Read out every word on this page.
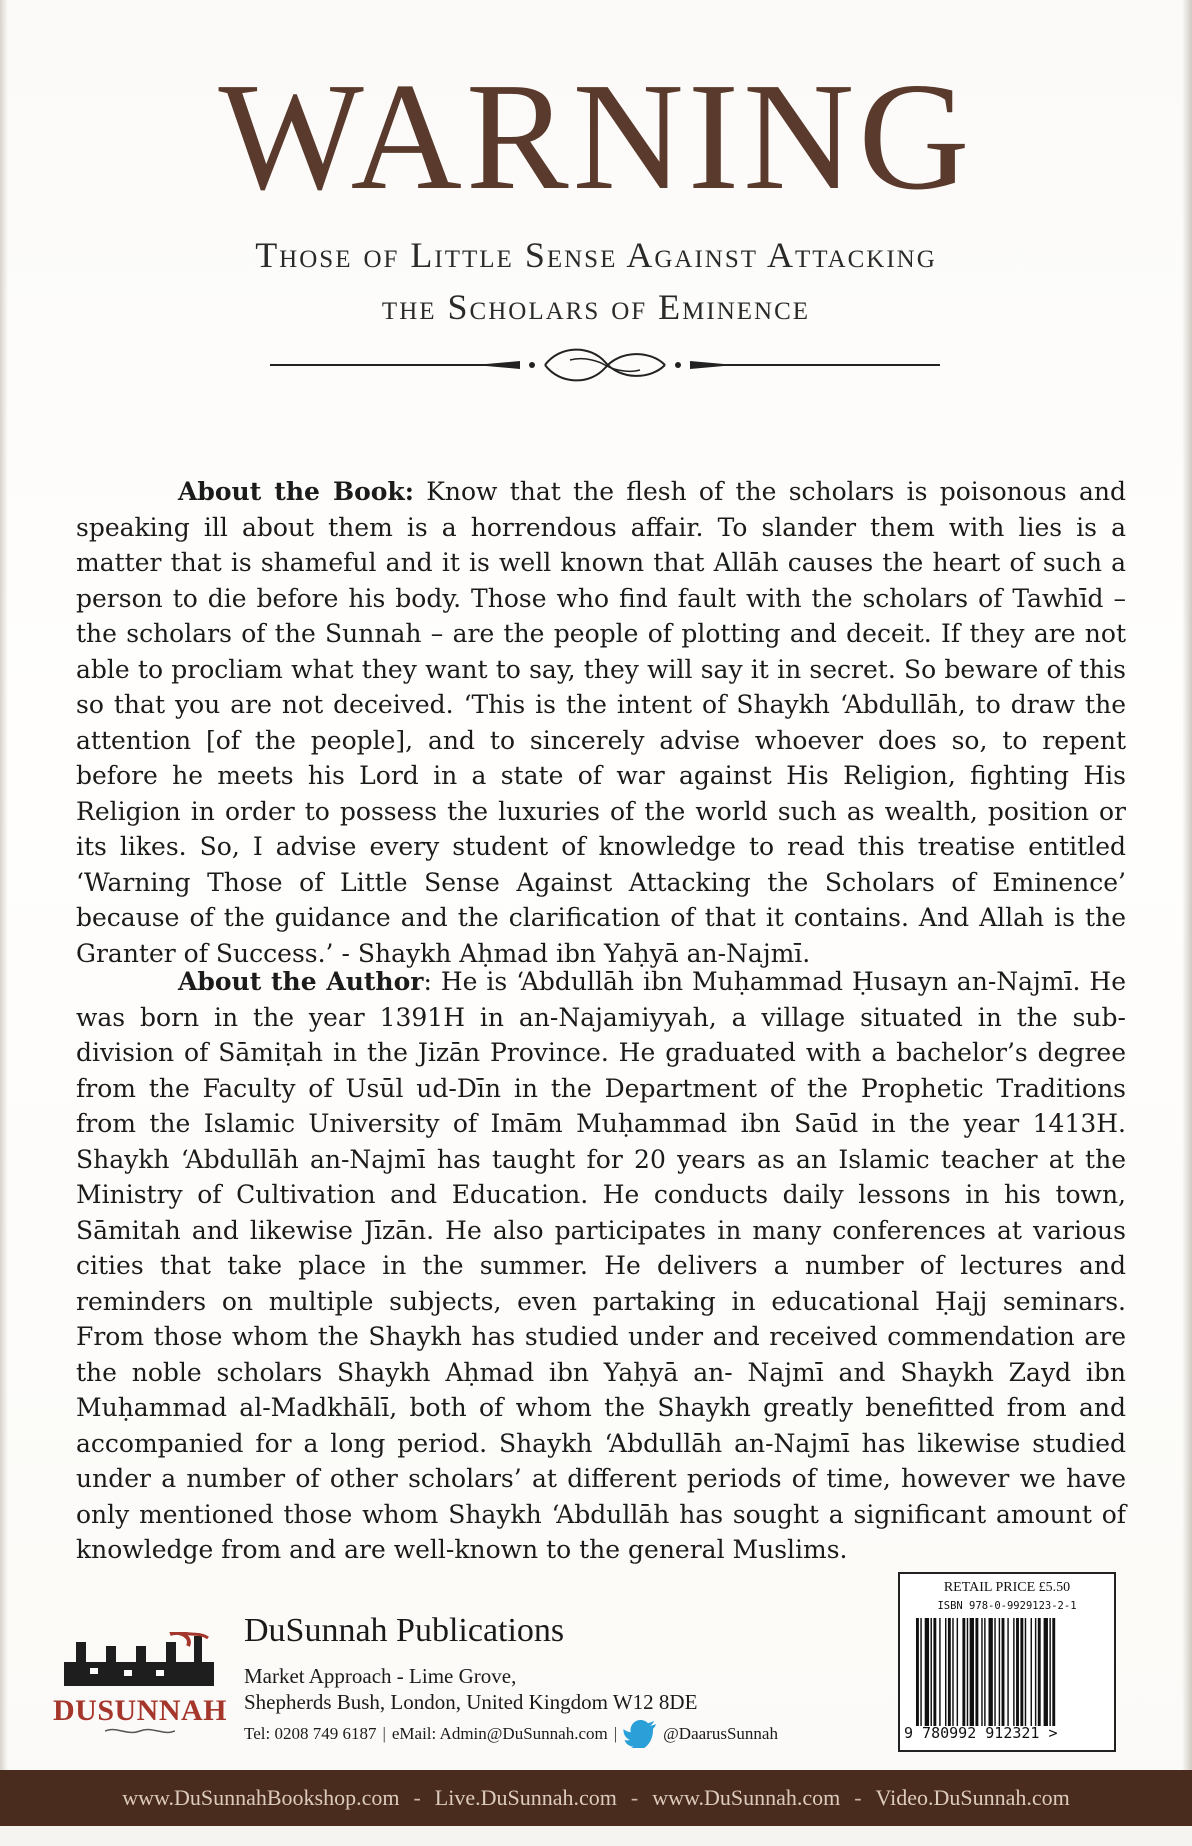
WARNING
Those of Little Sense Against Attacking
the Scholars of Eminence
About the Book: Know that the flesh of the scholars is poisonous and speaking ill about them is a horrendous affair. To slander them with lies is a matter that is shameful and it is well known that Allāh causes the heart of such a person to die before his body. Those who find fault with the scholars of Tawhīd – the scholars of the Sunnah – are the people of plotting and deceit. If they are not able to procliam what they want to say, they will say it in secret. So beware of this so that you are not deceived. ‘This is the intent of Shaykh ‘Abdullāh, to draw the attention [of the people], and to sincerely advise whoever does so, to repent before he meets his Lord in a state of war against His Religion, fighting His Religion in order to possess the luxuries of the world such as wealth, position or its likes. So, I advise every student of knowledge to read this treatise entitled ‘Warning Those of Little Sense Against Attacking the Scholars of Eminence’ because of the guidance and the clarification of that it contains. And Allah is the Granter of Success.’ - Shaykh Aḥmad ibn Yaḥyā an-Najmī.
About the Author: He is ‘Abdullāh ibn Muḥammad Ḥusayn an-Najmī. He was born in the year 1391H in an-Najamiyyah, a village situated in the sub-division of Sāmiṭah in the Jizān Province. He graduated with a bachelor’s degree from the Faculty of Usūl ud-Dīn in the Department of the Prophetic Traditions from the Islamic University of Imām Muḥammad ibn Saūd in the year 1413H. Shaykh ‘Abdullāh an-Najmī has taught for 20 years as an Islamic teacher at the Ministry of Cultivation and Education. He conducts daily lessons in his town, Sāmitah and likewise Jīzān. He also participates in many conferences at various cities that take place in the summer. He delivers a number of lectures and reminders on multiple subjects, even partaking in educational Ḥajj seminars. From those whom the Shaykh has studied under and received commendation are the noble scholars Shaykh Aḥmad ibn Yaḥyā an- Najmī and Shaykh Zayd ibn Muḥammad al-Madkhālī, both of whom the Shaykh greatly benefitted from and accompanied for a long period. Shaykh ‘Abdullāh an-Najmī has likewise studied under a number of other scholars’ at different periods of time, however we have only mentioned those whom Shaykh ‘Abdullāh has sought a significant amount of knowledge from and are well-known to the general Muslims.
DUSUNNAH
DuSunnah Publications
Market Approach - Lime Grove,
Shepherds Bush, London, United Kingdom W12 8DE
Tel: 0208 749 6187 | eMail: Admin@DuSunnah.com |	@DaarusSunnah
RETAIL PRICE £5.50
ISBN 978-0-9929123-2-1
9 780992 912321 >
www.DuSunnahBookshop.com - Live.DuSunnah.com - www.DuSunnah.com - Video.DuSunnah.com
